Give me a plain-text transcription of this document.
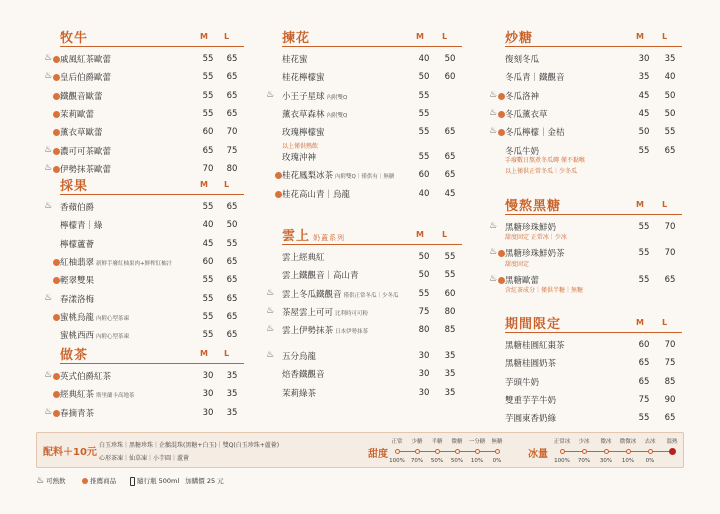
牧牛	M L
戚風紅茶歐蕾	55	65
♨
皇后伯爵歐蕾	55	65
♨
鐵觀音歐蕾	55	65
茉莉歐蕾	55	65
薰衣草歐蕾	60	70
濃可可茶歐蕾	65	75
♨
伊勢抹茶歐蕾	70	80
♨
採果	M L
香蘋伯爵	55	65
♨
檸檬青｜綠	40	50
檸檬蘆薈	45	55
紅柚翡翠 新鮮手廢紅柚果肉+鮮榨紅柚汁	60	65
輕翠雙果	55	65
春漾洛梅	55	65
♨
蜜桃烏龍 內附心型茶凍	55	65
蜜桃西西 內附心型茶凍	55	65
做茶	M L
英式伯爵紅茶	30	35
♨
經典紅茶 斯里蘭卡高地茶	30	35
春摘青茶	30	35
♨
揀花	M L
桂花蜜	40	50
桂花檸檬蜜	50	60
小王子星球 內附雙Q	55
♨
薰衣草森林 內附雙Q	55
玫瑰檸檬蜜	55	65
以上僅供熱飲
玫瑰沖神	55	65
桂花鳳梨冰茶 內附雙Q｜僅供有｜無糖	60	65
桂花高山青｜烏龍	40	45
雲上 奶蓋系列	M L
雲上經典紅	50	55
雲上鐵觀音｜高山青	50	55
雲上冬瓜鐵觀音 僅供正常冬瓜｜少冬瓜	55	60
♨
茶屋雲上可可 比利時可可粉	75	80
♨
雲上伊勢抹茶 日本伊勢抹茶	80	85
♨
五分烏龍	30	35
♨
焙香鐵觀音	30	35
茉莉綠茶	30	35
炒糖	M L
復刻冬瓜	30	35
冬瓜青｜鐵觀音	35	40
冬瓜洛神	45	50
♨
冬瓜薰衣草	45	50
♨
冬瓜檸檬｜金桔	50	55
♨
冬瓜牛奶	55	65
手廢數日熬煮冬瓜磚 僅不黏喉
以上僅供正常冬瓜｜少冬瓜
慢熬黑糖	M L
黑糖珍珠鮮奶	55	70
♨
甜度固定 正常冰｜少冰
黑糖珍珠鮮奶茶	55	70
♨
甜度固定
黑糖歐蕾	55	65
♨
含紅茶成分｜僅供半糖｜無糖
期間限定	M L
黑糖桂圓紅棗茶	60	70
黑糖桂圓奶茶	65	75
芋頭牛奶	65	85
雙重芋芋牛奶	75	90
芋圓東香奶綠	55	65
配料＋10元
白玉珍珠｜黑糖珍珠｜企鵝混珠(黑糖+白玉)｜雙Q(白玉珍珠+蘆薈)
心形茶凍｜仙草凍｜小芋圓｜蘆薈	甜度
正常
100%
少糖
70%
半糖
50%
微糖
50%
一分糖
10%
無糖
0%
冰量
正常冰
100%
少冰
70%
微冰
30%
微微冰
10%
去冰
0%
溫熱
♨ 可熱飲	推薦商品	隨行瓶 500ml 加購價 25 元
